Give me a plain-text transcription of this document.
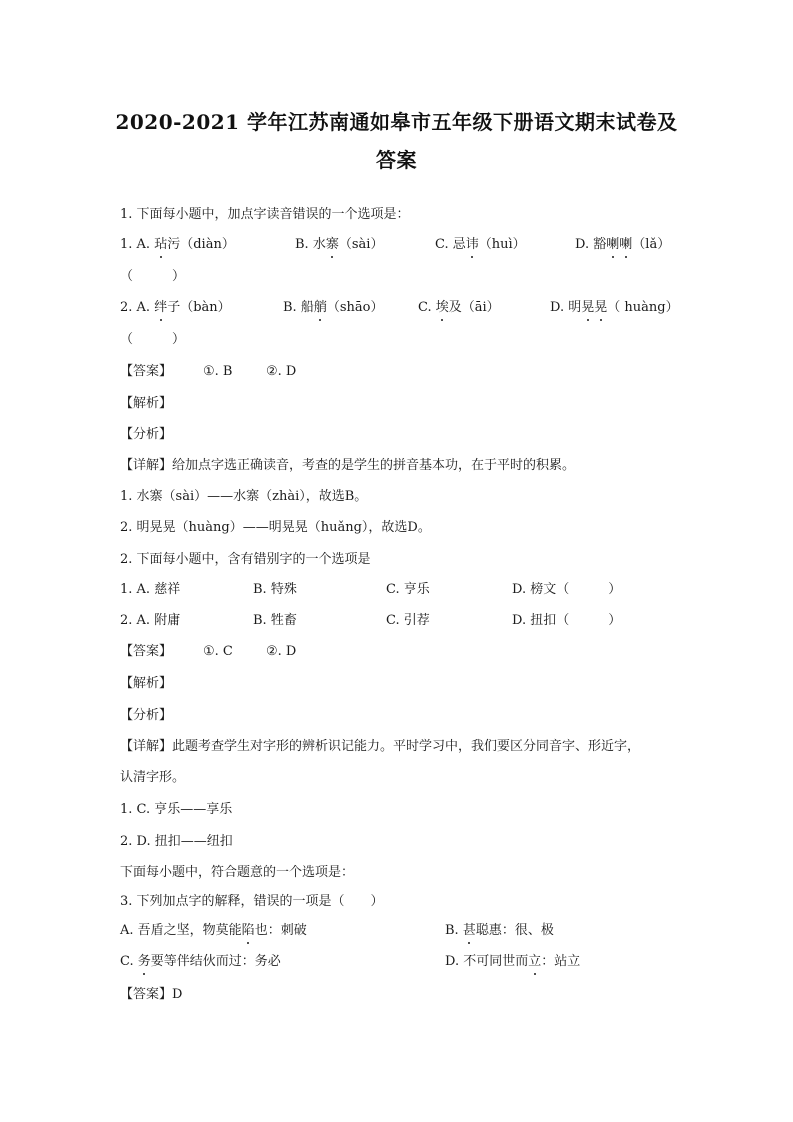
2020-2021 学年江苏南通如皋市五年级下册语文期末试卷及
答案
1. 下面每小题中，加点字读音错误的一个选项是：
1. A. 玷污（diàn）	B. 水寨（sài）	C. 忌讳（huì）	D. 豁喇喇（lǎ）
（　　　）
2. A. 绊子（bàn）	B. 船艄（shāo）	C. 埃及（āi）	D. 明晃晃（ huàng）
（　　　）
【答案】 ①. B	②. D
【解析】
【分析】
【详解】给加点字选正确读音，考查的是学生的拼音基本功，在于平时的积累。
1. 水寨（sài）——水寨（zhài），故选B。
2. 明晃晃（huàng）——明晃晃（huǎng），故选D。
2. 下面每小题中，含有错别字的一个选项是
1. A. 慈祥	B. 特殊	C. 亨乐	D. 榜文（　　　）
2. A. 附庸	B. 牲畜	C. 引荐	D. 扭扣（　　　）
【答案】 ①. C	②. D
【解析】
【分析】
【详解】此题考查学生对字形的辨析识记能力。平时学习中，我们要区分同音字、形近字，
认清字形。
1. C. 亨乐——享乐
2. D. 扭扣——纽扣
下面每小题中，符合题意的一个选项是：
3. 下列加点字的解释，错误的一项是（　　）
A. 吾盾之坚，物莫能陷也：刺破	B. 甚聪惠：很、极
C. 务要等伴结伙而过：务必	D. 不可同世而立：站立
【答案】D
